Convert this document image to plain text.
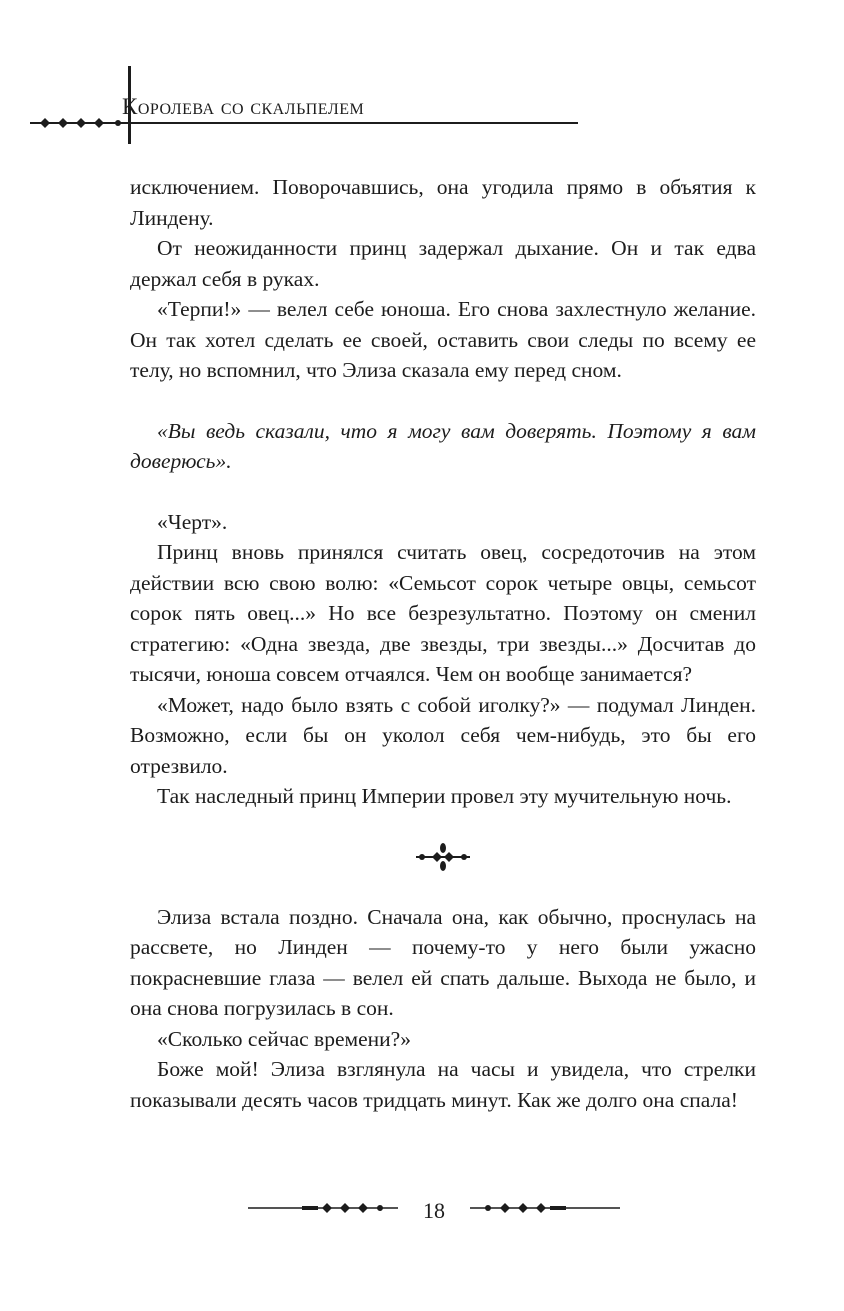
Королева со скальпелем

исключением. Поворочавшись, она угодила прямо в объятия к Линдену.

От неожиданности принц задержал дыхание. Он и так едва держал себя в руках.

«Терпи!» — велел себе юноша. Его снова захлестнуло желание. Он так хотел сделать ее своей, оставить свои следы по всему ее телу, но вспомнил, что Элиза сказала ему перед сном.

«Вы ведь сказали, что я могу вам доверять. Поэтому я вам доверюсь».

«Черт».

Принц вновь принялся считать овец, сосредоточив на этом действии всю свою волю: «Семьсот сорок четыре овцы, семьсот сорок пять овец...» Но все безрезультатно. Поэтому он сменил стратегию: «Одна звезда, две звезды, три звезды...» Досчитав до тысячи, юноша совсем отчаялся. Чем он вообще занимается?

«Может, надо было взять с собой иголку?» — подумал Линден. Возможно, если бы он уколол себя чем-нибудь, это бы его отрезвило.

Так наследный принц Империи провел эту мучительную ночь.

Элиза встала поздно. Сначала она, как обычно, проснулась на рассвете, но Линден — почему-то у него были ужасно покрасневшие глаза — велел ей спать дальше. Выхода не было, и она снова погрузилась в сон.

«Сколько сейчас времени?»

Боже мой! Элиза взглянула на часы и увидела, что стрелки показывали десять часов тридцать минут. Как же долго она спала!

18
